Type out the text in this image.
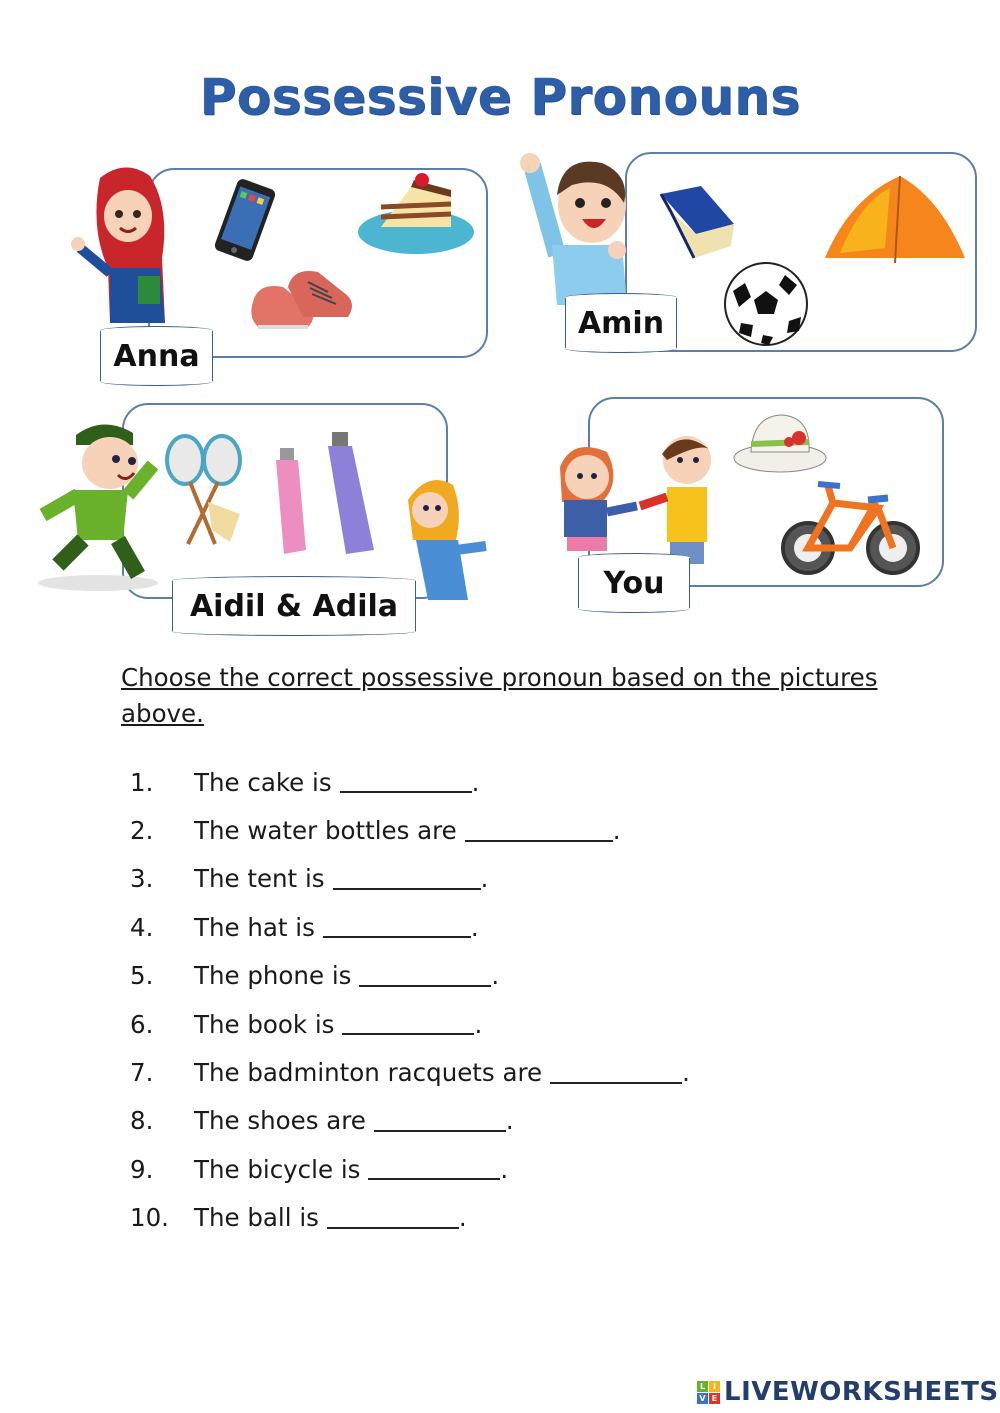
Possessive Pronouns
Anna
Amin
Aidil & Adila
You
Choose the correct possessive pronoun based on the pictures above.
1.	The cake is	.
2.	The water bottles are	.
3.	The tent is	.
4.	The hat is	.
5.	The phone is	.
6.	The book is	.
7.	The badminton racquets are	.
8.	The shoes are	.
9.	The bicycle is	.
10.	The ball is	.
L I
V E LIVEWORKSHEETS
